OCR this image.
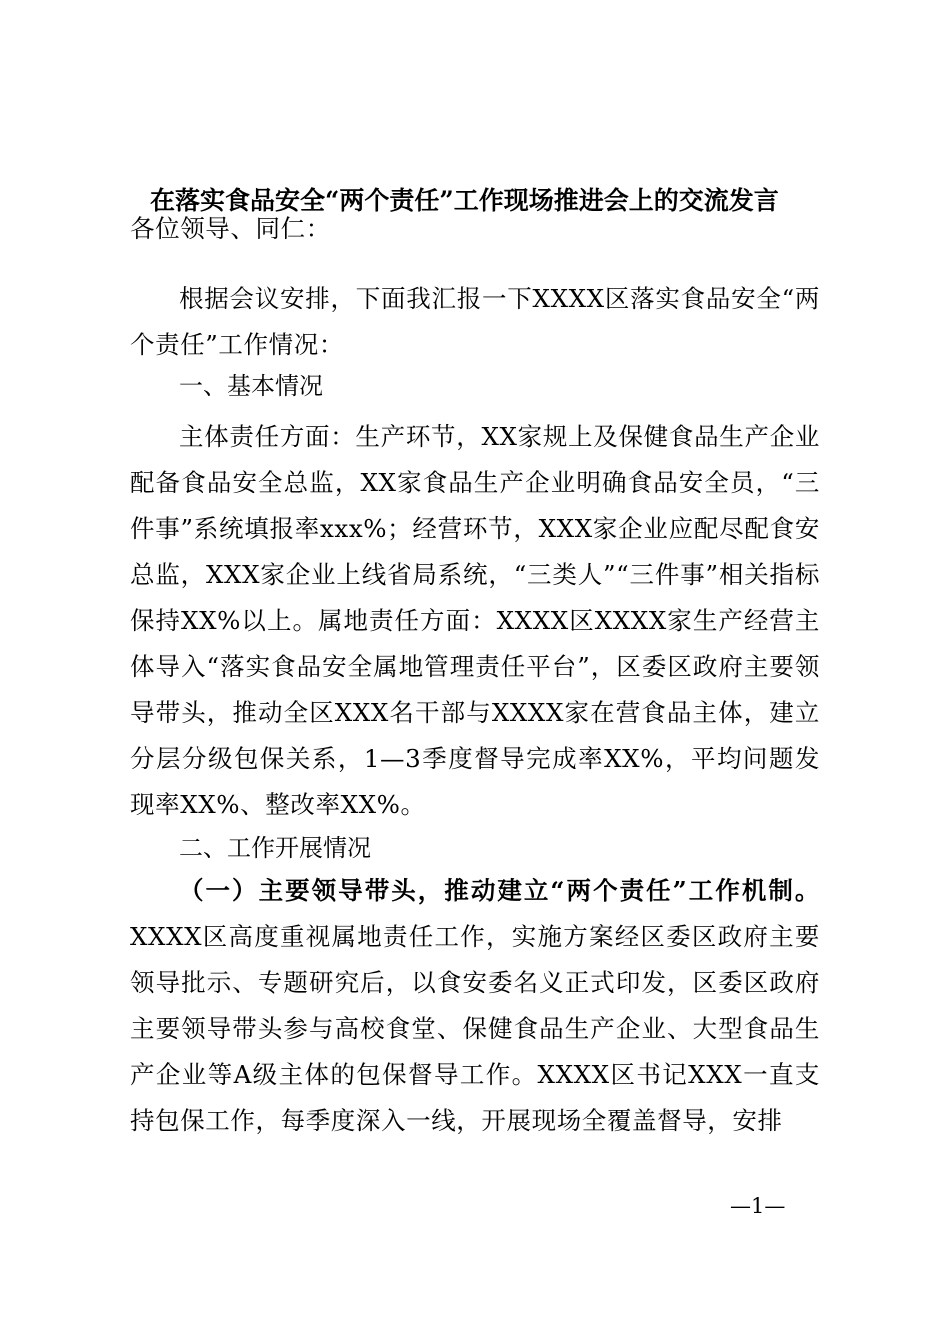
在落实食品安全“两个责任”工作现场推进会上的交流发言
各位领导、同仁：
根据会议安排，下面我汇报一下XXXX区落实食品安全“两个责任”工作情况：
一、基本情况
主体责任方面：生产环节，XX家规上及保健食品生产企业配备食品安全总监，XX家食品生产企业明确食品安全员，“三件事”系统填报率xxx%；经营环节，XXX家企业应配尽配食安总监，XXX家企业上线省局系统，“三类人”“三件事”相关指标保持XX%以上。属地责任方面：XXXX区XXXX家生产经营主体导入“落实食品安全属地管理责任平台”，区委区政府主要领导带头，推动全区XXX名干部与XXXX家在营食品主体，建立分层分级包保关系，1—3季度督导完成率XX%，平均问题发现率XX%、整改率XX%。
二、工作开展情况
（一）主要领导带头，推动建立“两个责任”工作机制。XXXX区高度重视属地责任工作，实施方案经区委区政府主要领导批示、专题研究后，以食安委名义正式印发，区委区政府主要领导带头参与高校食堂、保健食品生产企业、大型食品生产企业等A级主体的包保督导工作。XXXX区书记XXX一直支持包保工作，每季度深入一线，开展现场全覆盖督导，安排
—1—
